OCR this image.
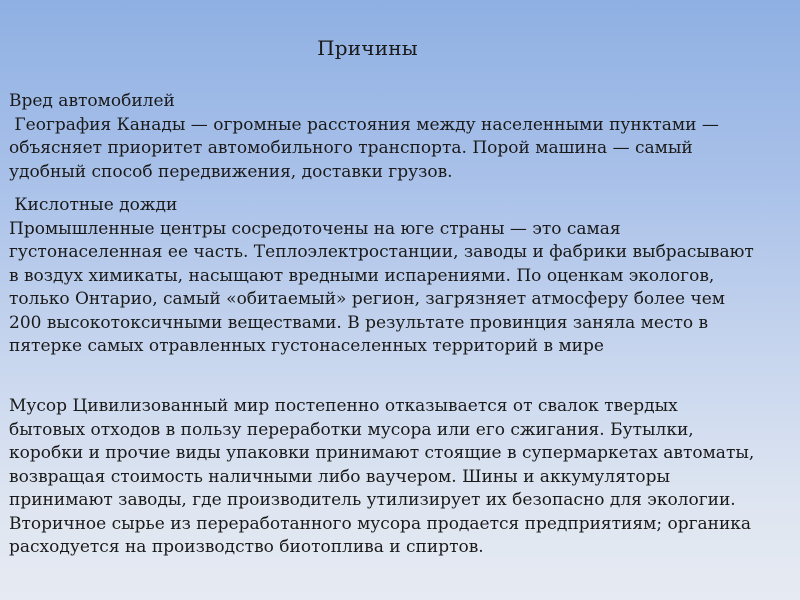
Причины
Вред автомобилей
География Канады — огромные расстояния между населенными пунктами —
объясняет приоритет автомобильного транспорта. Порой машина — самый
удобный способ передвижения, доставки грузов.
Кислотные дожди
Промышленные центры сосредоточены на юге страны — это самая
густонаселенная ее часть. Теплоэлектростанции, заводы и фабрики выбрасывают
в воздух химикаты, насыщают вредными испарениями. По оценкам экологов,
только Онтарио, самый «обитаемый» регион, загрязняет атмосферу более чем
200 высокотоксичными веществами. В результате провинция заняла место в
пятерке самых отравленных густонаселенных территорий в мире
Мусор Цивилизованный мир постепенно отказывается от свалок твердых
бытовых отходов в пользу переработки мусора или его сжигания. Бутылки,
коробки и прочие виды упаковки принимают стоящие в супермаркетах автоматы,
возвращая стоимость наличными либо ваучером. Шины и аккумуляторы
принимают заводы, где производитель утилизирует их безопасно для экологии.
Вторичное сырье из переработанного мусора продается предприятиям; органика
расходуется на производство биотоплива и спиртов.
